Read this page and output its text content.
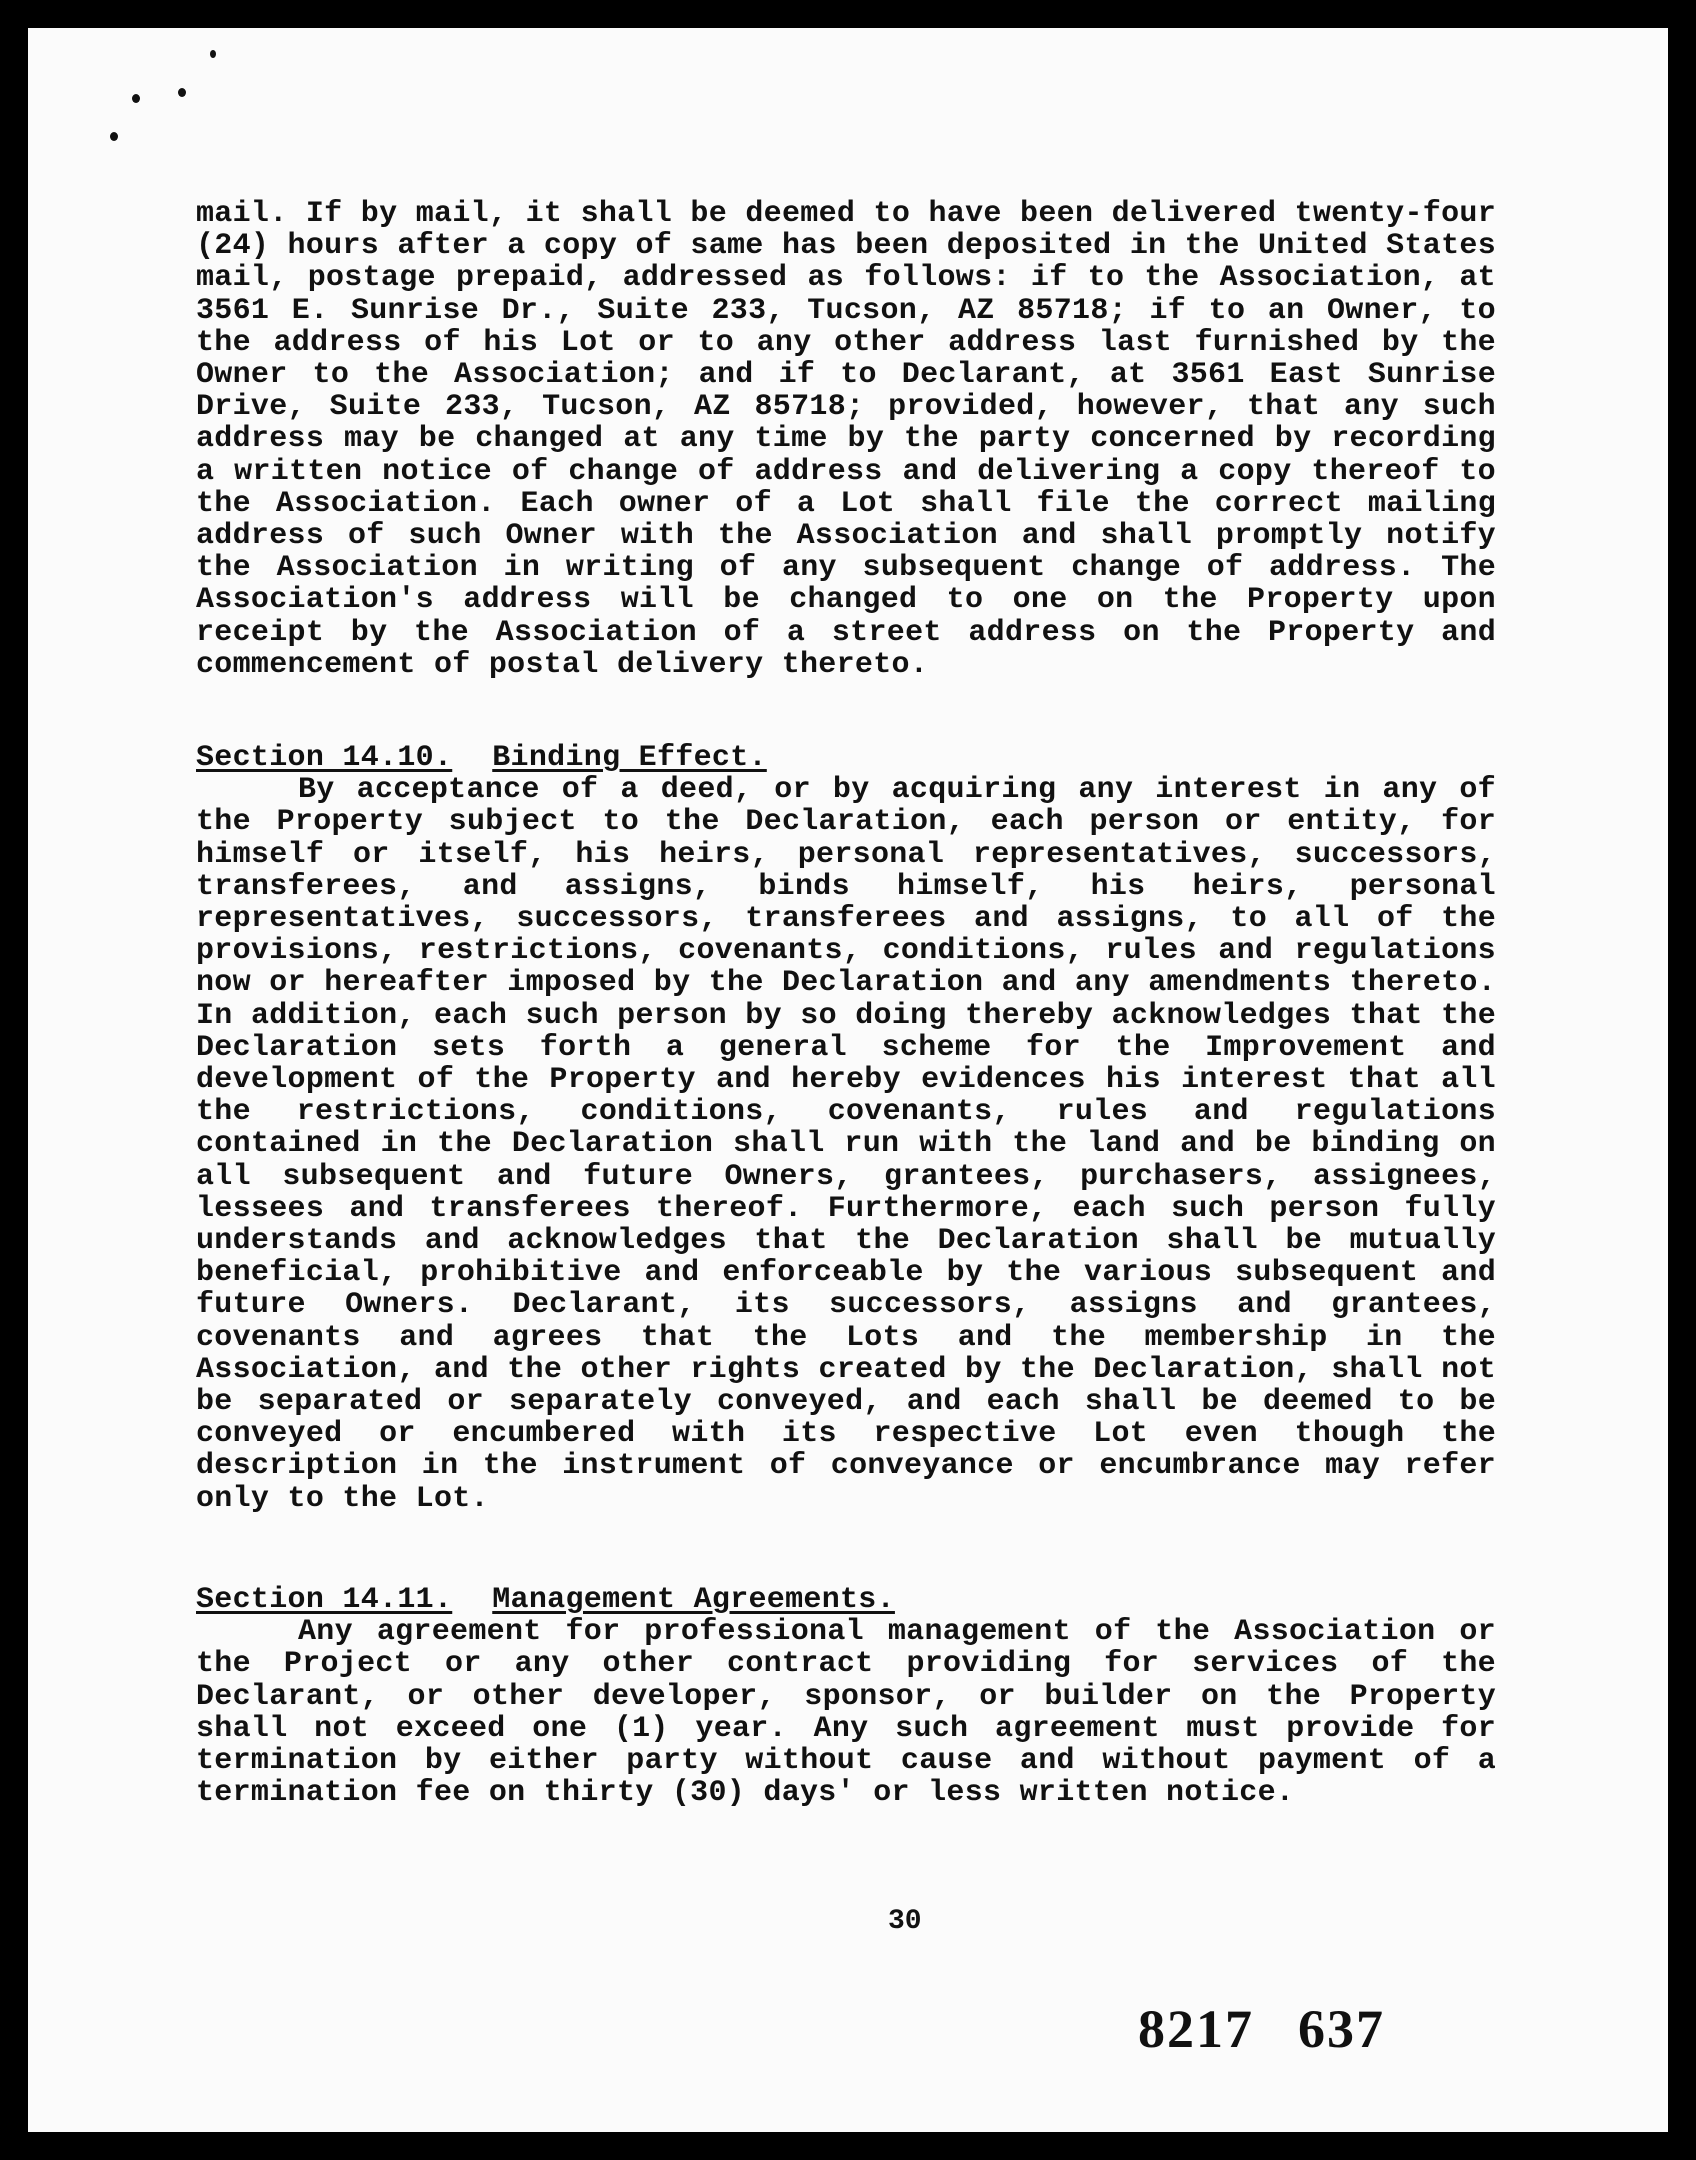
mail. If by mail, it shall be deemed to have been delivered twenty-four (24) hours after a copy of same has been deposited in the United States mail, postage prepaid, addressed as follows: if to the Association, at 3561 E. Sunrise Dr., Suite 233, Tucson, AZ 85718; if to an Owner, to the address of his Lot or to any other address last furnished by the Owner to the Association; and if to Declarant, at 3561 East Sunrise Drive, Suite 233, Tucson, AZ 85718; provided, however, that any such address may be changed at any time by the party concerned by recording a written notice of change of address and delivering a copy thereof to the Association. Each owner of a Lot shall file the correct mailing address of such Owner with the Association and shall promptly notify the Association in writing of any subsequent change of address. The Association's address will be changed to one on the Property upon receipt by the Association of a street address on the Property and commencement of postal delivery thereto.
Section 14.10. Binding Effect.
By acceptance of a deed, or by acquiring any interest in any of the Property subject to the Declaration, each person or entity, for himself or itself, his heirs, personal representatives, successors, transferees, and assigns, binds himself, his heirs, personal representatives, successors, transferees and assigns, to all of the provisions, restrictions, covenants, conditions, rules and regulations now or hereafter imposed by the Declaration and any amendments thereto. In addition, each such person by so doing thereby acknowledges that the Declaration sets forth a general scheme for the Improvement and development of the Property and hereby evidences his interest that all the restrictions, conditions, covenants, rules and regulations contained in the Declaration shall run with the land and be binding on all subsequent and future Owners, grantees, purchasers, assignees, lessees and transferees thereof. Furthermore, each such person fully understands and acknowledges that the Declaration shall be mutually beneficial, prohibitive and enforceable by the various subsequent and future Owners. Declarant, its successors, assigns and grantees, covenants and agrees that the Lots and the membership in the Association, and the other rights created by the Declaration, shall not be separated or separately conveyed, and each shall be deemed to be conveyed or encumbered with its respective Lot even though the description in the instrument of conveyance or encumbrance may refer only to the Lot.
Section 14.11. Management Agreements.
Any agreement for professional management of the Association or the Project or any other contract providing for services of the Declarant, or other developer, sponsor, or builder on the Property shall not exceed one (1) year. Any such agreement must provide for termination by either party without cause and without payment of a termination fee on thirty (30) days' or less written notice.
30
8217 637
